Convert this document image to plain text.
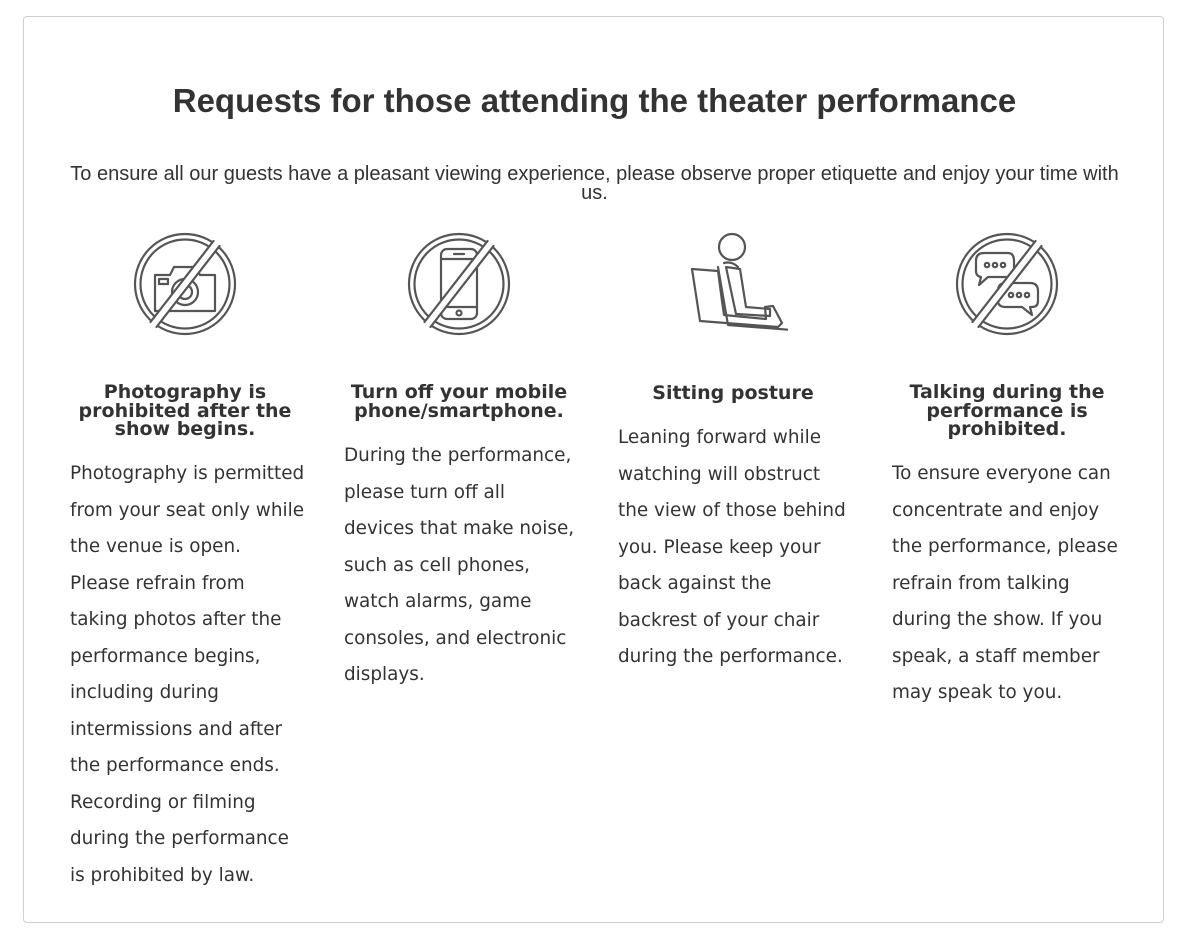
Requests for those attending the theater performance

To ensure all our guests have a pleasant viewing experience, please observe proper etiquette and enjoy your time with us.

Photography is prohibited after the show begins.

Photography is permitted from your seat only while the venue is open. Please refrain from taking photos after the performance begins, including during intermissions and after the performance ends. Recording or filming during the performance is prohibited by law.

Turn off your mobile phone/smartphone.

During the performance, please turn off all devices that make noise, such as cell phones, watch alarms, game consoles, and electronic displays.

Sitting posture

Leaning forward while watching will obstruct the view of those behind you. Please keep your back against the backrest of your chair during the performance.

Talking during the performance is prohibited.

To ensure everyone can concentrate and enjoy the performance, please refrain from talking during the show. If you speak, a staff member may speak to you.
